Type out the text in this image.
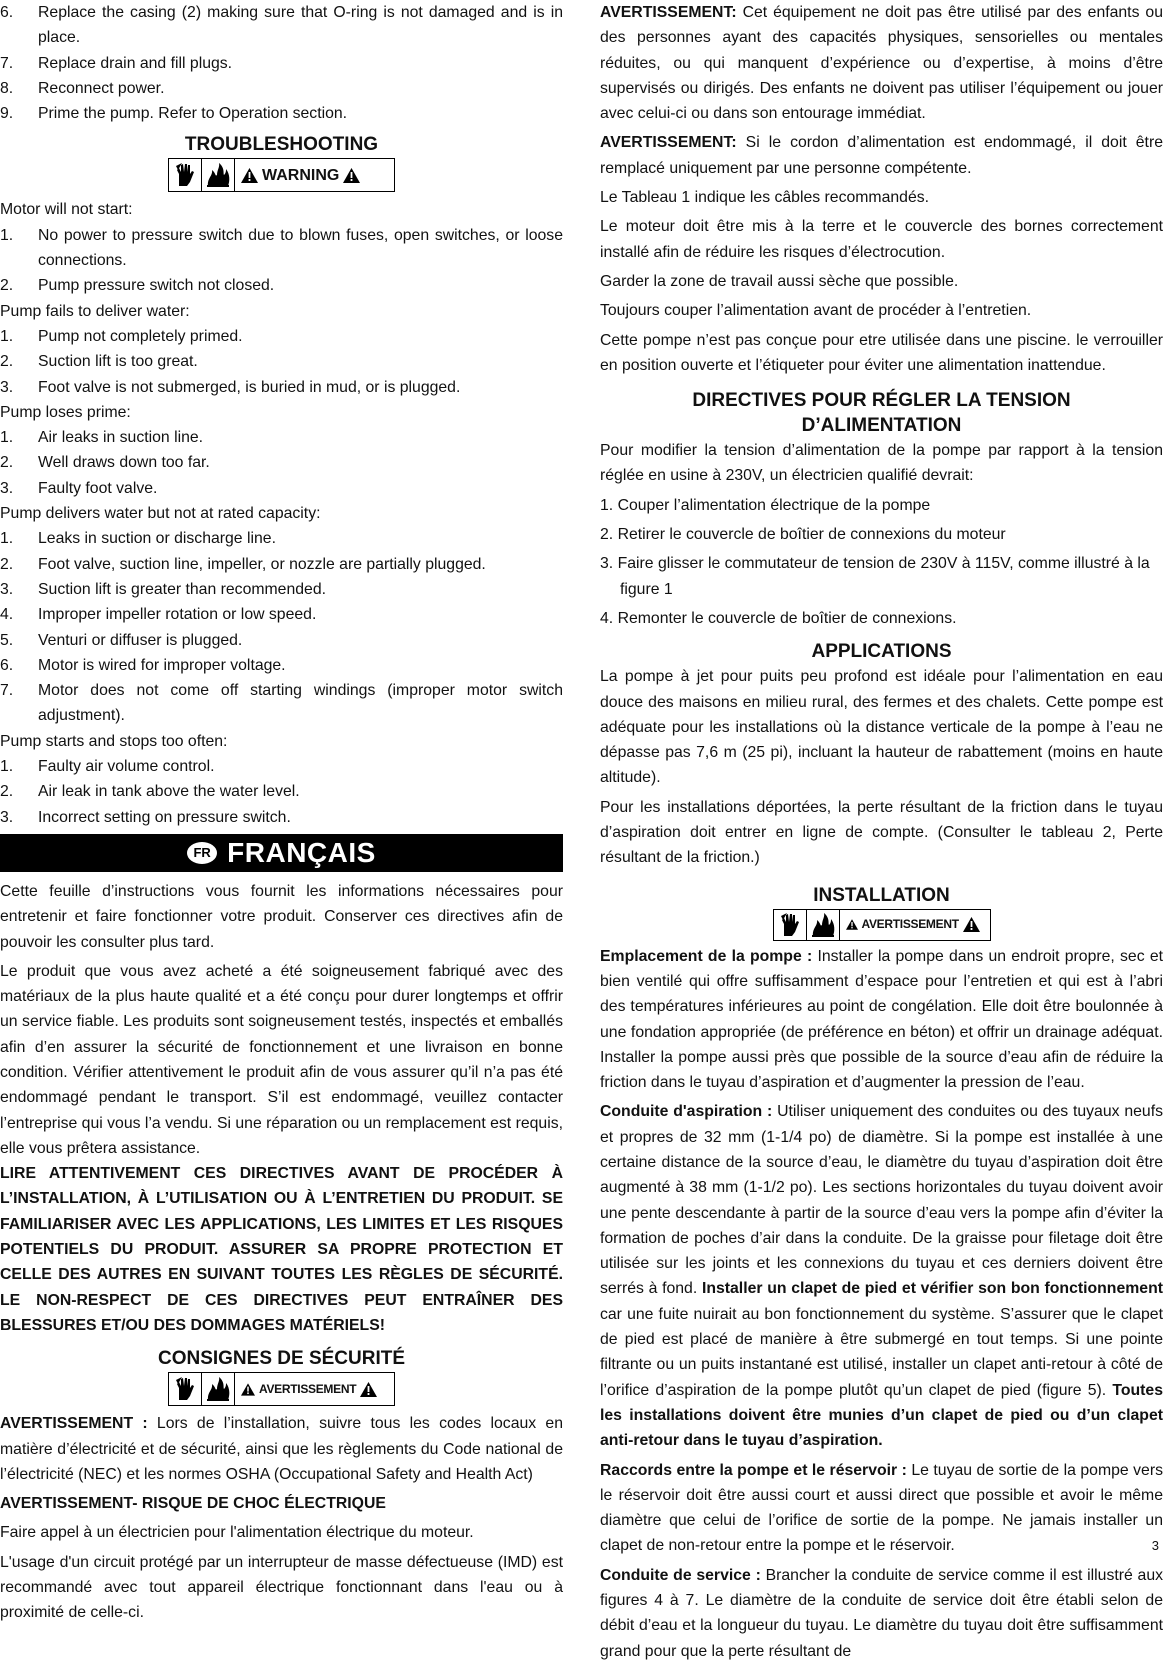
6.	Replace the casing (2) making sure that O-ring is not damaged and is in place.
7.	Replace drain and fill plugs.
8.	Reconnect power.
9.	Prime the pump. Refer to Operation section.
TROUBLESHOOTING
WARNING
Motor will not start:
1.	No power to pressure switch due to blown fuses, open switches, or loose connections.
2.	Pump pressure switch not closed.
Pump fails to deliver water:
1.	Pump not completely primed.
2.	Suction lift is too great.
3.	Foot valve is not submerged, is buried in mud, or is plugged.
Pump loses prime:
1.	Air leaks in suction line.
2.	Well draws down too far.
3.	Faulty foot valve.
Pump delivers water but not at rated capacity:
1.	Leaks in suction or discharge line.
2.	Foot valve, suction line, impeller, or nozzle are partially plugged.
3.	Suction lift is greater than recommended.
4.	Improper impeller rotation or low speed.
5.	Venturi or diffuser is plugged.
6.	Motor is wired for improper voltage.
7.	Motor does not come off starting windings (improper motor switch adjustment).
Pump starts and stops too often:
1.	Faulty air volume control.
2.	Air leak in tank above the water level.
3.	Incorrect setting on pressure switch.
FR FRANÇAIS

Cette feuille d’instructions vous fournit les informations nécessaires pour entretenir et faire fonctionner votre produit. Conserver ces directives afin de pouvoir les consulter plus tard.

Le produit que vous avez acheté a été soigneusement fabriqué avec des matériaux de la plus haute qualité et a été conçu pour durer longtemps et offrir un service fiable. Les produits sont soigneusement testés, inspectés et emballés afin d’en assurer la sécurité de fonctionnement et une livraison en bonne condition. Vérifier attentivement le produit afin de vous assurer qu’il n’a pas été endommagé pendant le transport. S’il est endommagé, veuillez contacter l’entreprise qui vous l’a vendu. Si une réparation ou un remplacement est requis, elle vous prêtera assistance.

LIRE ATTENTIVEMENT CES DIRECTIVES AVANT DE PROCÉDER À L’INSTALLATION, À L’UTILISATION OU À L’ENTRETIEN DU PRODUIT. SE FAMILIARISER AVEC LES APPLICATIONS, LES LIMITES ET LES RISQUES POTENTIELS DU PRODUIT. ASSURER SA PROPRE PROTECTION ET CELLE DES AUTRES EN SUIVANT TOUTES LES RÈGLES DE SÉCURITÉ. LE NON-RESPECT DE CES DIRECTIVES PEUT ENTRAÎNER DES BLESSURES ET/OU DES DOMMAGES MATÉRIELS!

CONSIGNES DE SÉCURITÉ
AVERTISSEMENT

AVERTISSEMENT : Lors de l’installation, suivre tous les codes locaux en matière d’électricité et de sécurité, ainsi que les règlements du Code national de l’électricité (NEC) et les normes OSHA (Occupational Safety and Health Act)

AVERTISSEMENT- RISQUE DE CHOC ÉLECTRIQUE

Faire appel à un électricien pour l'alimentation électrique du moteur.

L'usage d'un circuit protégé par un interrupteur de masse défectueuse (IMD) est recommandé avec tout appareil électrique fonctionnant dans l'eau ou à proximité de celle-ci.

AVERTISSEMENT: Cet équipement ne doit pas être utilisé par des enfants ou des personnes ayant des capacités physiques, sensorielles ou mentales réduites, ou qui manquent d’expérience ou d’expertise, à moins d’être supervisés ou dirigés. Des enfants ne doivent pas utiliser l’équipement ou jouer avec celui-ci ou dans son entourage immédiat.

AVERTISSEMENT: Si le cordon d’alimentation est endommagé, il doit être remplacé uniquement par une personne compétente.

Le Tableau 1 indique les câbles recommandés.

Le moteur doit être mis à la terre et le couvercle des bornes correctement installé afin de réduire les risques d’électrocution.

Garder la zone de travail aussi sèche que possible.

Toujours couper l’alimentation avant de procéder à l’entretien.

Cette pompe n’est pas conçue pour etre utilisée dans une piscine. le verrouiller en position ouverte et l’étiqueter pour éviter une alimentation inattendue.

DIRECTIVES POUR RÉGLER LA TENSION D’ALIMENTATION

Pour modifier la tension d’alimentation de la pompe par rapport à la tension réglée en usine à 230V, un électricien qualifié devrait:

1. Couper l’alimentation électrique de la pompe

2. Retirer le couvercle de boîtier de connexions du moteur

3. Faire glisser le commutateur de tension de 230V à 115V, comme illustré à la figure 1

4. Remonter le couvercle de boîtier de connexions.

APPLICATIONS

La pompe à jet pour puits peu profond est idéale pour l’alimentation en eau douce des maisons en milieu rural, des fermes et des chalets. Cette pompe est adéquate pour les installations où la distance verticale de la pompe à l’eau ne dépasse pas 7,6 m (25 pi), incluant la hauteur de rabattement (moins en haute altitude).

Pour les installations déportées, la perte résultant de la friction dans le tuyau d’aspiration doit entrer en ligne de compte. (Consulter le tableau 2, Perte résultant de la friction.)

INSTALLATION
AVERTISSEMENT

Emplacement de la pompe : Installer la pompe dans un endroit propre, sec et bien ventilé qui offre suffisamment d’espace pour l’entretien et qui est à l’abri des températures inférieures au point de congélation. Elle doit être boulonnée à une fondation appropriée (de préférence en béton) et offrir un drainage adéquat. Installer la pompe aussi près que possible de la source d’eau afin de réduire la friction dans le tuyau d’aspiration et d’augmenter la pression de l’eau.

Conduite d'aspiration : Utiliser uniquement des conduites ou des tuyaux neufs et propres de 32 mm (1-1/4 po) de diamètre. Si la pompe est installée à une certaine distance de la source d’eau, le diamètre du tuyau d’aspiration doit être augmenté à 38 mm (1-1/2 po). Les sections horizontales du tuyau doivent avoir une pente descendante à partir de la source d’eau vers la pompe afin d’éviter la formation de poches d’air dans la conduite. De la graisse pour filetage doit être utilisée sur les joints et les connexions du tuyau et ces derniers doivent être serrés à fond. Installer un clapet de pied et vérifier son bon fonctionnement car une fuite nuirait au bon fonctionnement du système. S’assurer que le clapet de pied est placé de manière à être submergé en tout temps. Si une pointe filtrante ou un puits instantané est utilisé, installer un clapet anti-retour à côté de l’orifice d’aspiration de la pompe plutôt qu’un clapet de pied (figure 5). Toutes les installations doivent être munies d’un clapet de pied ou d’un clapet anti-retour dans le tuyau d’aspiration.

Raccords entre la pompe et le réservoir : Le tuyau de sortie de la pompe vers le réservoir doit être aussi court et aussi direct que possible et avoir le même diamètre que celui de l’orifice de sortie de la pompe. Ne jamais installer un clapet de non-retour entre la pompe et le réservoir.

Conduite de service : Brancher la conduite de service comme il est illustré aux figures 4 à 7. Le diamètre de la conduite de service doit être établi selon de débit d’eau et la longueur du tuyau. Le diamètre du tuyau doit être suffisamment grand pour que la perte résultant de

3
